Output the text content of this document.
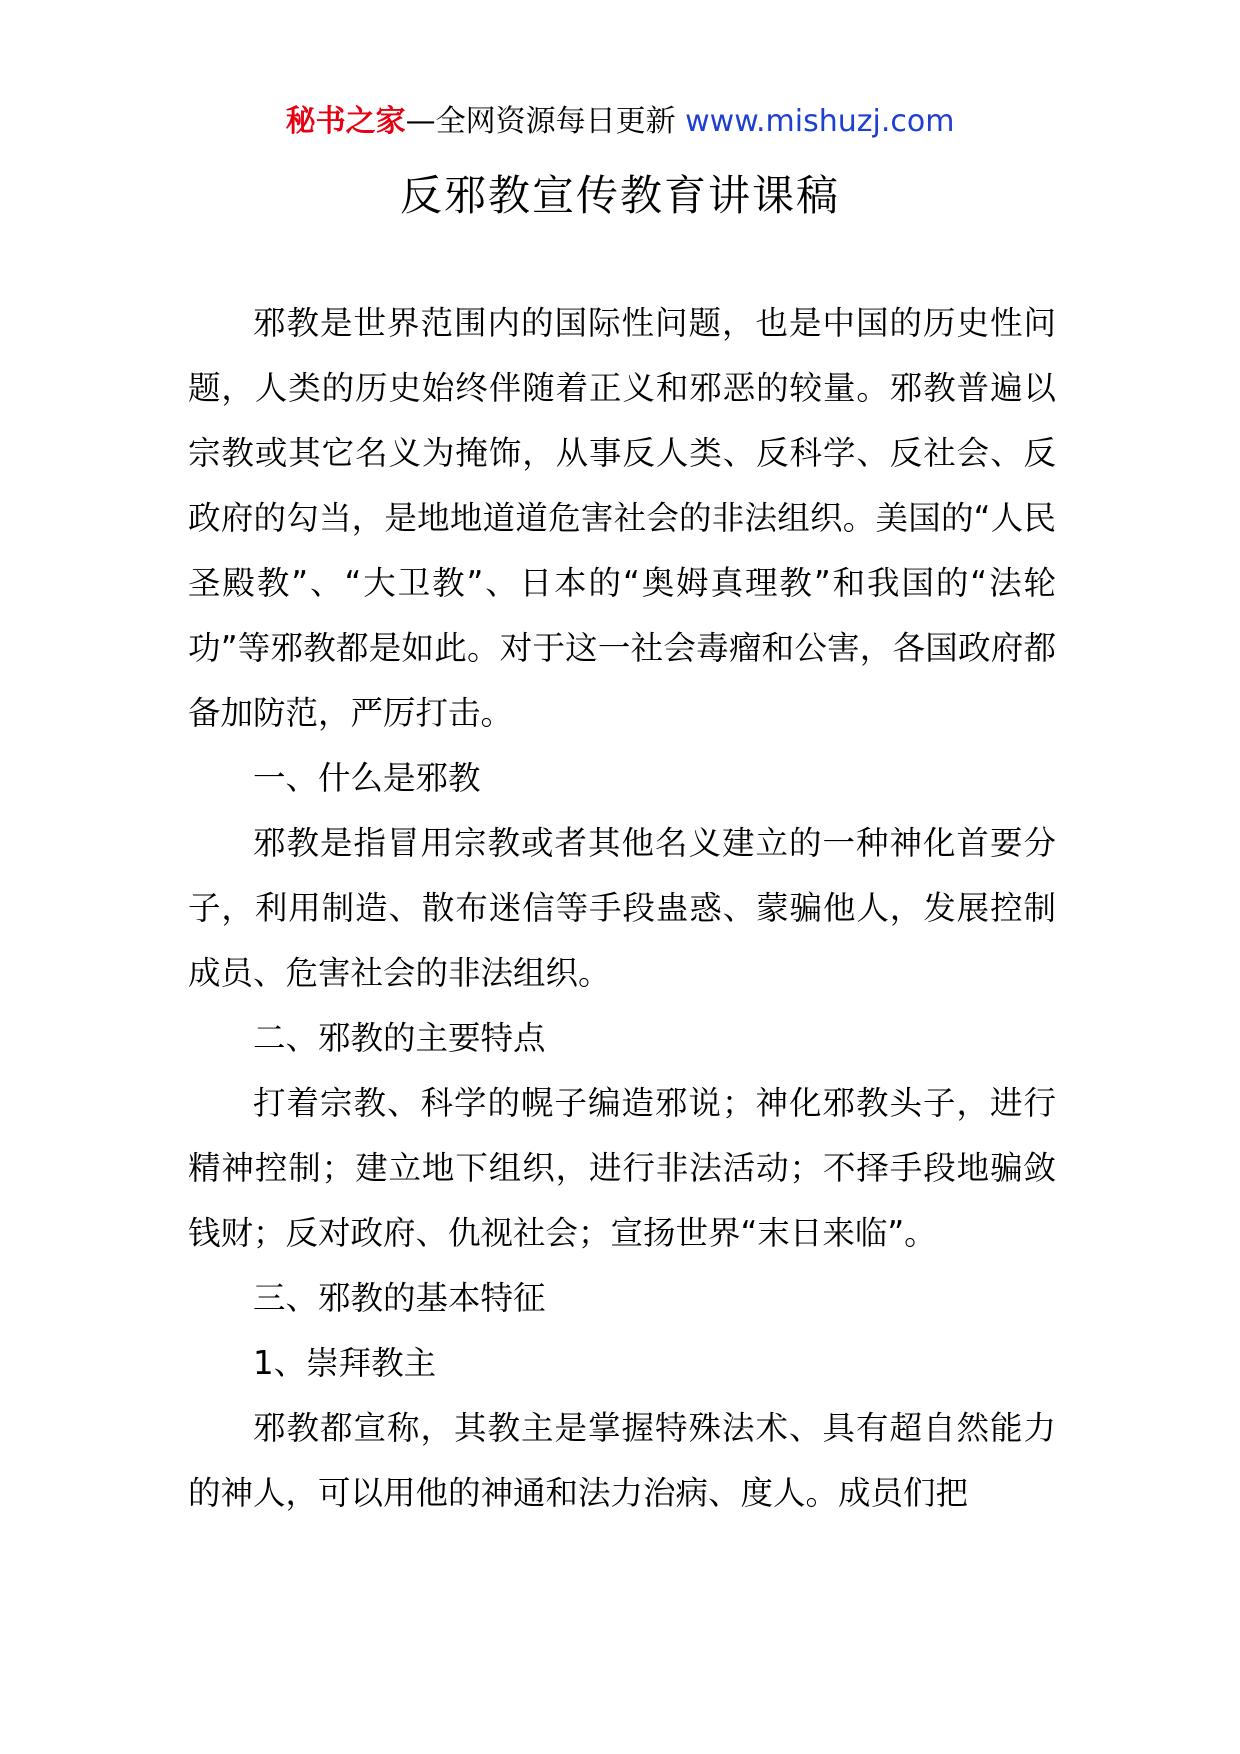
秘书之家—全网资源每日更新 www.mishuzj.com
反邪教宣传教育讲课稿

邪教是世界范围内的国际性问题，也是中国的历史性问题，人类的历史始终伴随着正义和邪恶的较量。邪教普遍以宗教或其它名义为掩饰，从事反人类、反科学、反社会、反政府的勾当，是地地道道危害社会的非法组织。美国的“人民圣殿教”、“大卫教”、日本的“奥姆真理教”和我国的“法轮功”等邪教都是如此。对于这一社会毒瘤和公害，各国政府都备加防范，严厉打击。

一、什么是邪教

邪教是指冒用宗教或者其他名义建立的一种神化首要分子，利用制造、散布迷信等手段蛊惑、蒙骗他人，发展控制成员、危害社会的非法组织。

二、邪教的主要特点

打着宗教、科学的幌子编造邪说；神化邪教头子，进行精神控制；建立地下组织，进行非法活动；不择手段地骗敛钱财；反对政府、仇视社会；宣扬世界“末日来临”。

三、邪教的基本特征

1、崇拜教主

邪教都宣称，其教主是掌握特殊法术、具有超自然能力的神人，可以用他的神通和法力治病、度人。成员们把
